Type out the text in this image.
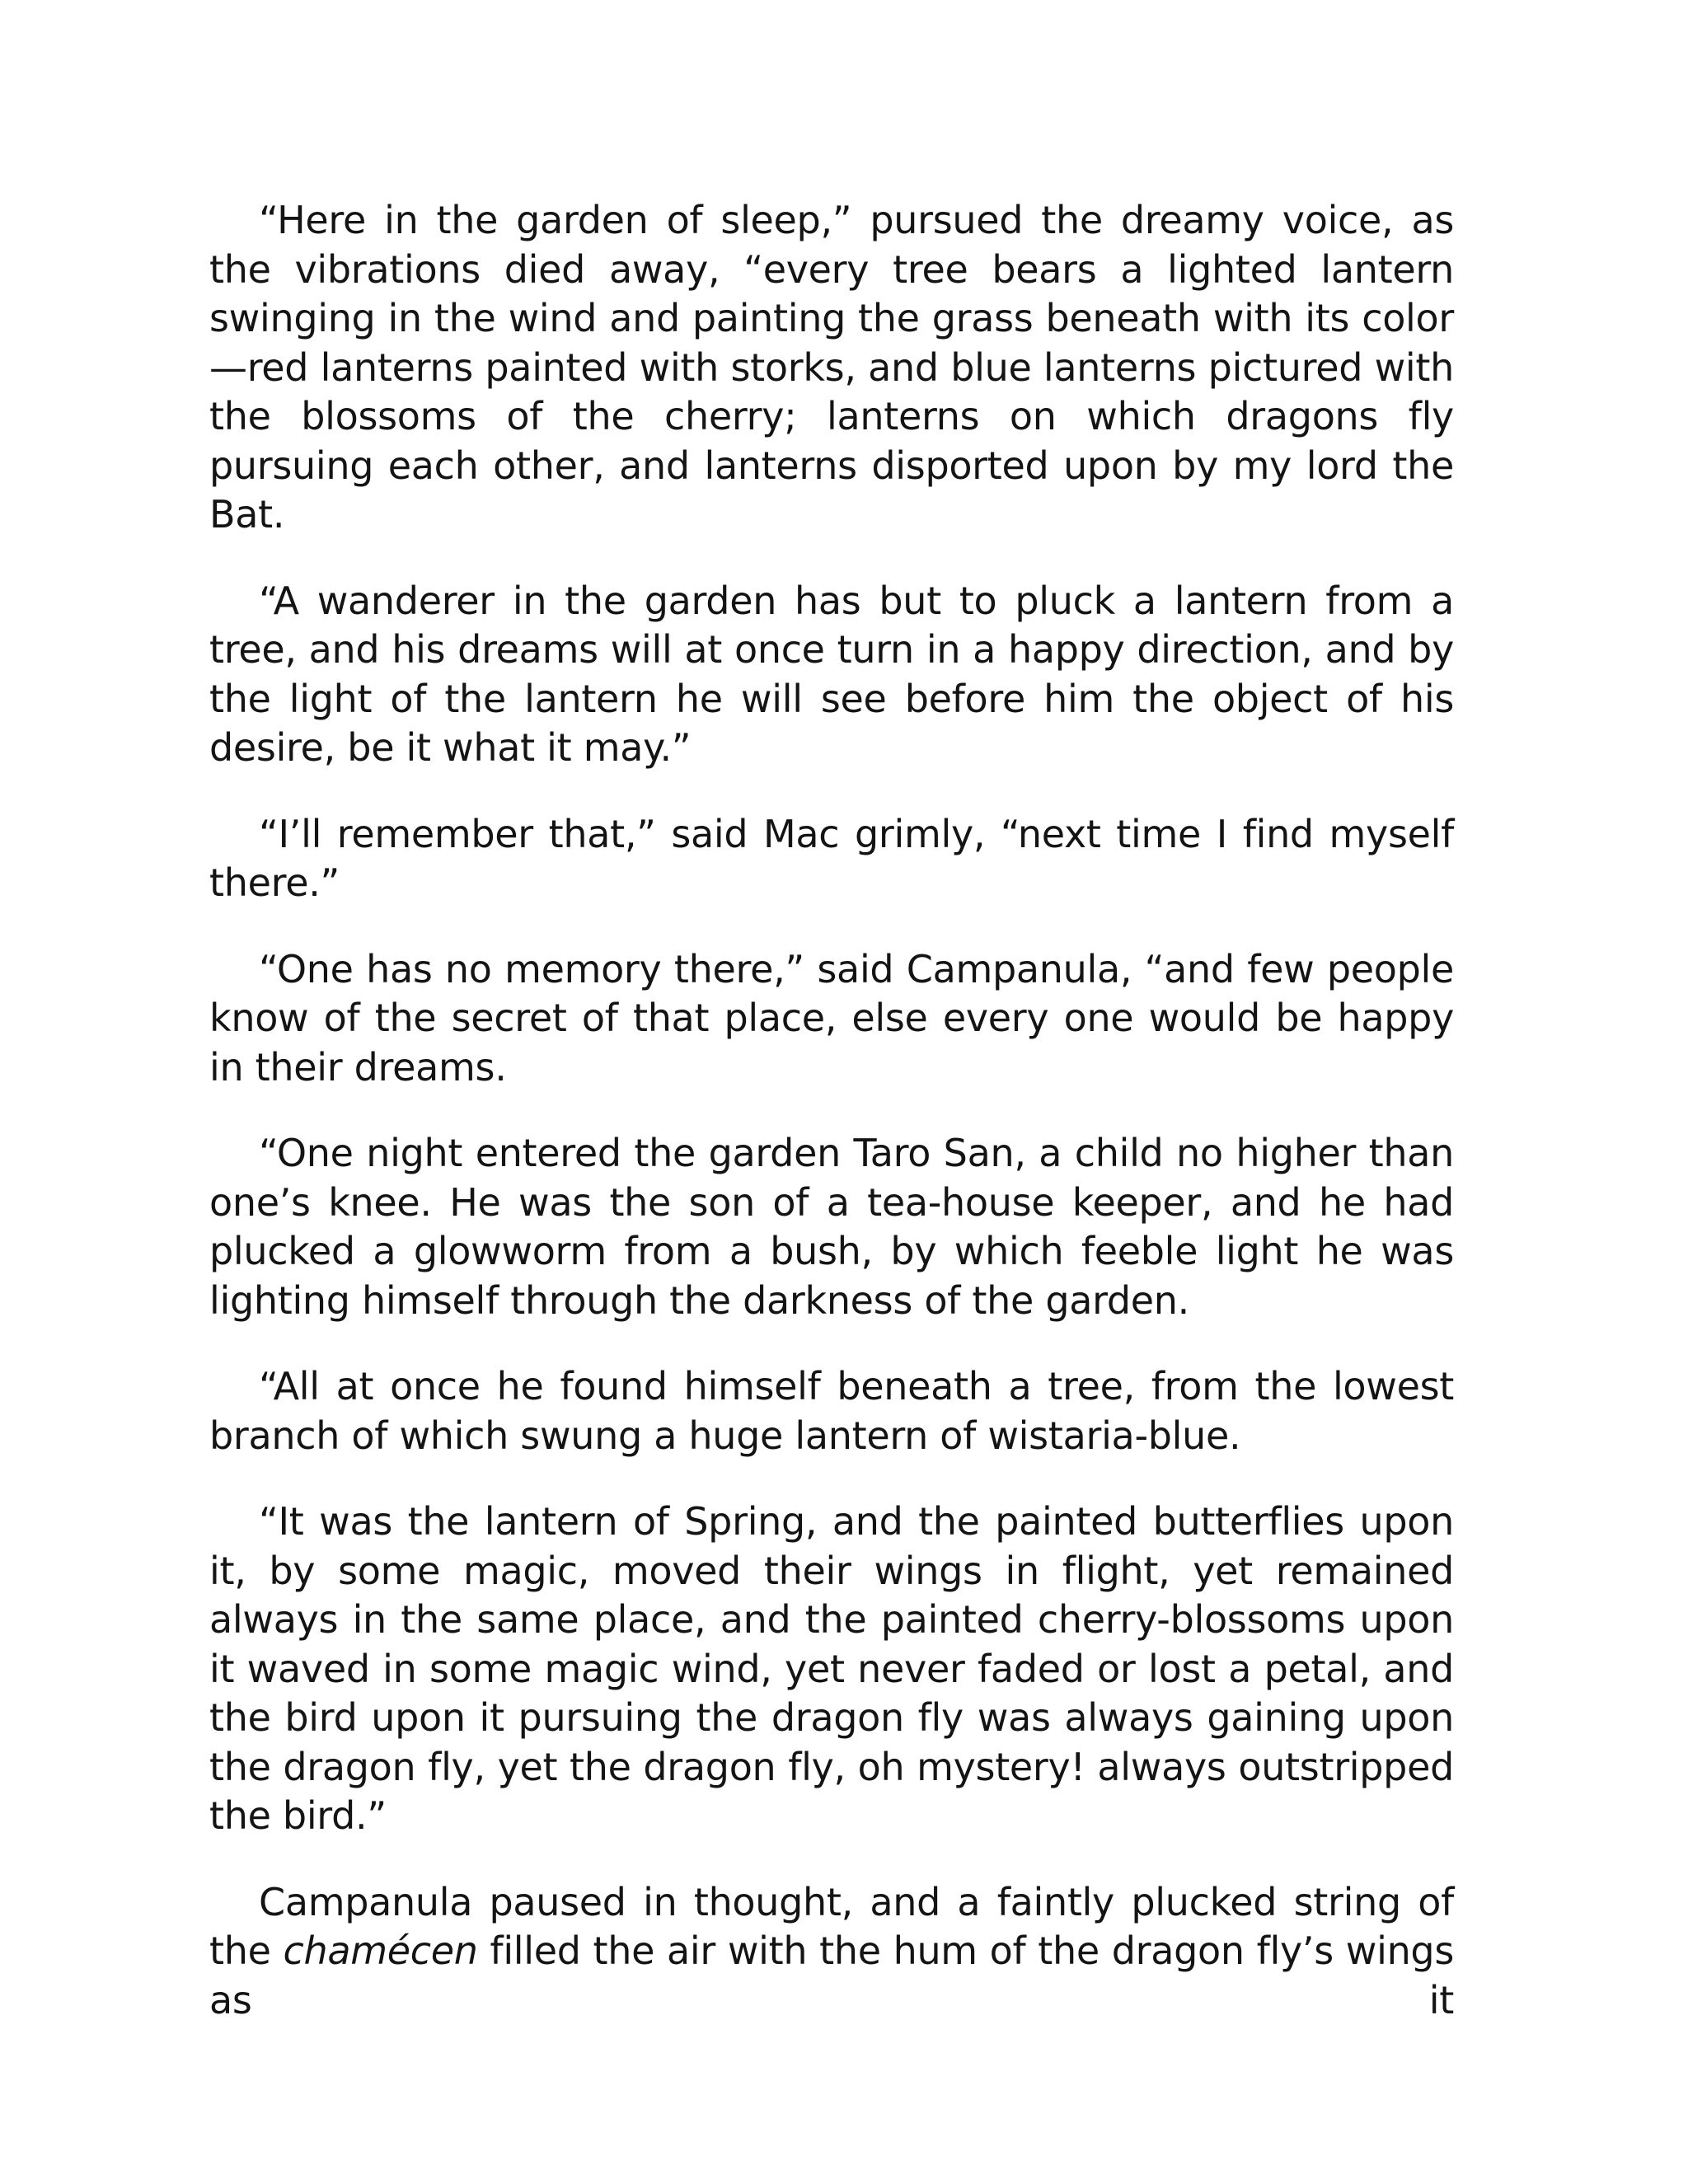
“Here in the garden of sleep,” pursued the dreamy voice, as the vibrations died away, “every tree bears a lighted lantern swinging in the wind and painting the grass beneath with its color—red lanterns painted with storks, and blue lanterns pictured with the blossoms of the cherry; lanterns on which dragons fly pursuing each other, and lanterns disported upon by my lord the Bat.

“A wanderer in the garden has but to pluck a lantern from a tree, and his dreams will at once turn in a happy direction, and by the light of the lantern he will see before him the object of his desire, be it what it may.”

“I’ll remember that,” said Mac grimly, “next time I find myself there.”

“One has no memory there,” said Campanula, “and few people know of the secret of that place, else every one would be happy in their dreams.

“One night entered the garden Taro San, a child no higher than one’s knee. He was the son of a tea-house keeper, and he had plucked a glowworm from a bush, by which feeble light he was lighting himself through the darkness of the garden.

“All at once he found himself beneath a tree, from the lowest branch of which swung a huge lantern of wistaria-blue.

“It was the lantern of Spring, and the painted butterflies upon it, by some magic, moved their wings in flight, yet remained always in the same place, and the painted cherry-blossoms upon it waved in some magic wind, yet never faded or lost a petal, and the bird upon it pursuing the dragon fly was always gaining upon the dragon fly, yet the dragon fly, oh mystery! always outstripped the bird.”

Campanula paused in thought, and a faintly plucked string of the chamécen filled the air with the hum of the dragon fly’s wings as it
